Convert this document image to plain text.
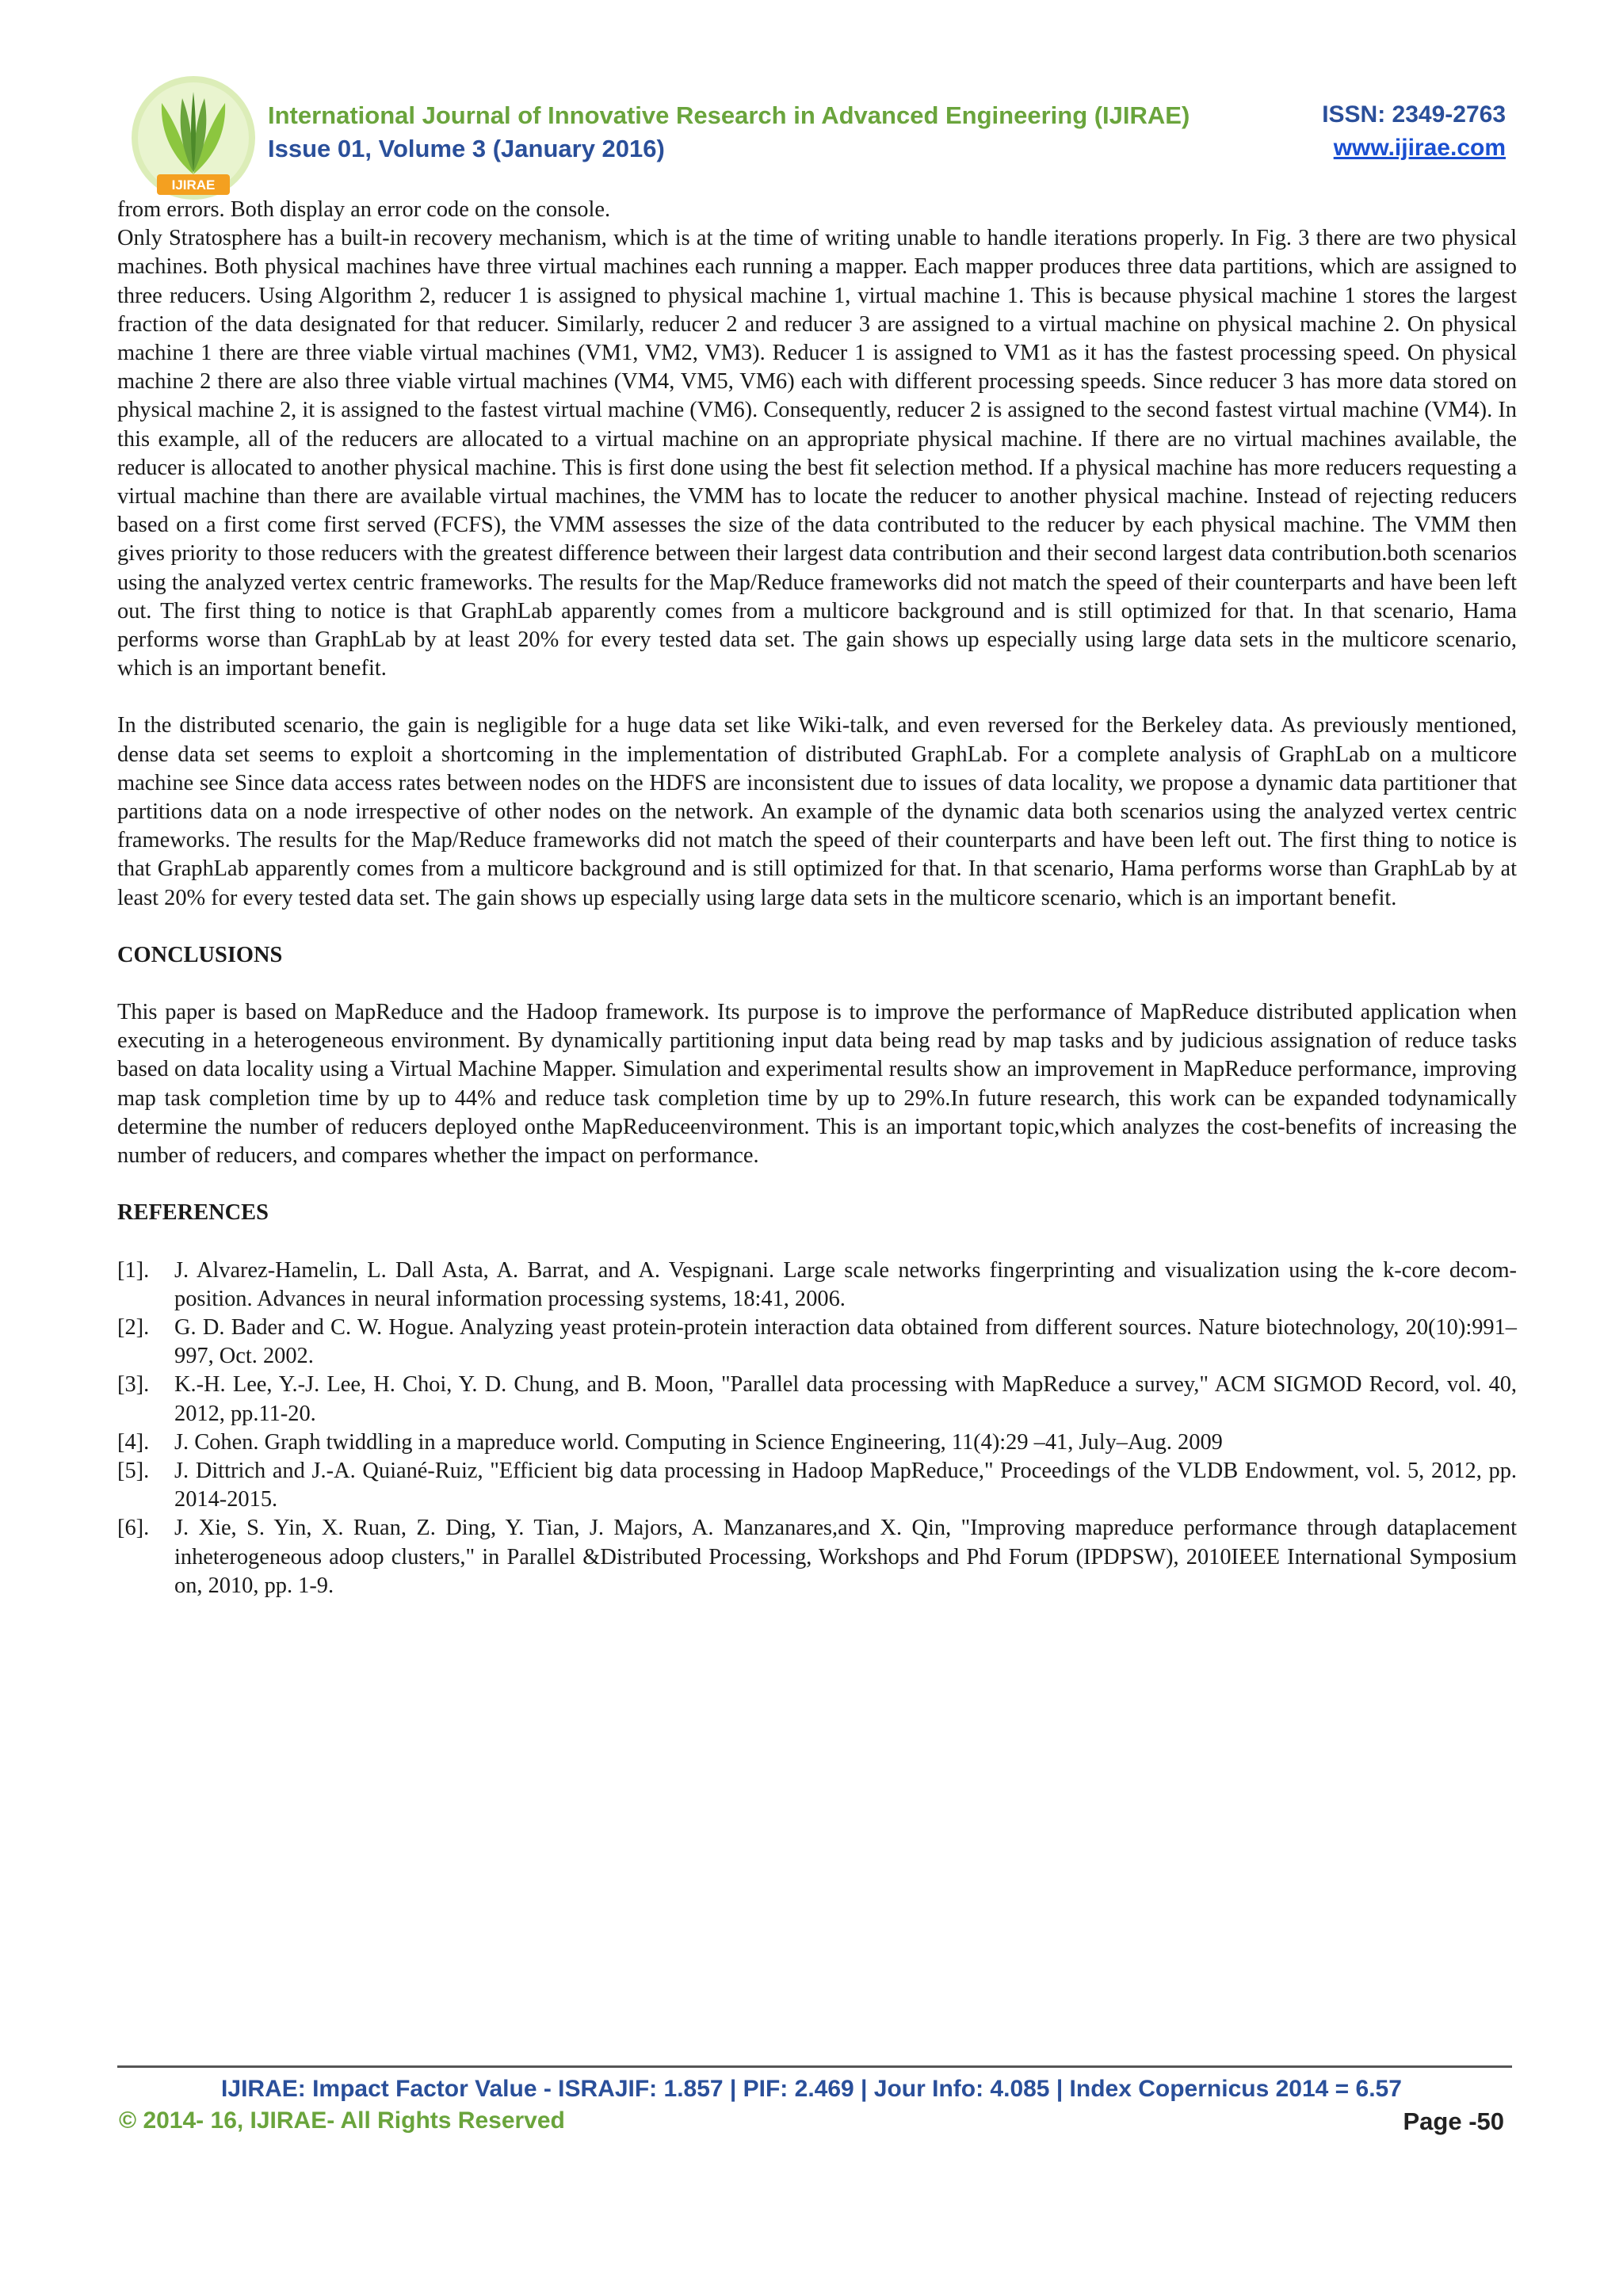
IJIRAE
International Journal of Innovative Research in Advanced Engineering (IJIRAE)
Issue 01, Volume 3 (January 2016)
ISSN: 2349-2763
www.ijirae.com

from errors. Both display an error code on the console.

Only Stratosphere has a built-in recovery mechanism, which is at the time of writing unable to handle iterations properly. In Fig. 3 there are two physical machines. Both physical machines have three virtual machines each running a mapper. Each mapper produces three data partitions, which are assigned to three reducers. Using Algorithm 2, reducer 1 is assigned to physical machine 1, virtual machine 1. This is because physical machine 1 stores the largest fraction of the data designated for that reducer. Similarly, reducer 2 and reducer 3 are assigned to a virtual machine on physical machine 2. On physical machine 1 there are three viable virtual machines (VM1, VM2, VM3). Reducer 1 is assigned to VM1 as it has the fastest processing speed. On physical machine 2 there are also three viable virtual machines (VM4, VM5, VM6) each with different processing speeds. Since reducer 3 has more data stored on physical machine 2, it is assigned to the fastest virtual machine (VM6). Consequently, reducer 2 is assigned to the second fastest virtual machine (VM4). In this example, all of the reducers are allocated to a virtual machine on an appropriate physical machine. If there are no virtual machines available, the reducer is allocated to another physical machine. This is first done using the best fit selection method. If a physical machine has more reducers requesting a virtual machine than there are available virtual machines, the VMM has to locate the reducer to another physical machine. Instead of rejecting reducers based on a first come first served (FCFS), the VMM assesses the size of the data contributed to the reducer by each physical machine. The VMM then gives priority to those reducers with the greatest difference between their largest data contribution and their second largest data contribution.both scenarios using the analyzed vertex centric frameworks. The results for the Map/Reduce frameworks did not match the speed of their counterparts and have been left out. The first thing to notice is that GraphLab apparently comes from a multicore background and is still optimized for that. In that scenario, Hama performs worse than GraphLab by at least 20% for every tested data set. The gain shows up especially using large data sets in the multicore scenario, which is an important benefit.

In the distributed scenario, the gain is negligible for a huge data set like Wiki-talk, and even reversed for the Berkeley data. As previously mentioned, dense data set seems to exploit a shortcoming in the implementation of distributed GraphLab. For a complete analysis of GraphLab on a multicore machine see Since data access rates between nodes on the HDFS are inconsistent due to issues of data locality, we propose a dynamic data partitioner that partitions data on a node irrespective of other nodes on the network. An example of the dynamic data both scenarios using the analyzed vertex centric frameworks. The results for the Map/Reduce frameworks did not match the speed of their counterparts and have been left out. The first thing to notice is that GraphLab apparently comes from a multicore background and is still optimized for that. In that scenario, Hama performs worse than GraphLab by at least 20% for every tested data set. The gain shows up especially using large data sets in the multicore scenario, which is an important benefit.

CONCLUSIONS

This paper is based on MapReduce and the Hadoop framework. Its purpose is to improve the performance of MapReduce distributed application when executing in a heterogeneous environment. By dynamically partitioning input data being read by map tasks and by judicious assignation of reduce tasks based on data locality using a Virtual Machine Mapper. Simulation and experimental results show an improvement in MapReduce performance, improving map task completion time by up to 44% and reduce task completion time by up to 29%.In future research, this work can be expanded todynamically determine the number of reducers deployed onthe MapReduceenvironment. This is an important topic,which analyzes the cost-benefits of increasing the number of reducers, and compares whether the impact on performance.

REFERENCES
[1]. J. Alvarez-Hamelin, L. Dall Asta, A. Barrat, and A. Vespignani. Large scale networks fingerprinting and visualization using the k-core decom-position. Advances in neural information processing systems, 18:41, 2006.
[2]. G. D. Bader and C. W. Hogue. Analyzing yeast protein-protein interaction data obtained from different sources. Nature biotechnology, 20(10):991–997, Oct. 2002.
[3]. K.-H. Lee, Y.-J. Lee, H. Choi, Y. D. Chung, and B. Moon, "Parallel data processing with MapReduce a survey," ACM SIGMOD Record, vol. 40, 2012, pp.11-20.
[4]. J. Cohen. Graph twiddling in a mapreduce world. Computing in Science Engineering, 11(4):29 –41, July–Aug. 2009
[5]. J. Dittrich and J.-A. Quiané-Ruiz, "Efficient big data processing in Hadoop MapReduce," Proceedings of the VLDB Endowment, vol. 5, 2012, pp. 2014-2015.
[6]. J. Xie, S. Yin, X. Ruan, Z. Ding, Y. Tian, J. Majors, A. Manzanares,and X. Qin, "Improving mapreduce performance through dataplacement inheterogeneous adoop clusters," in Parallel &Distributed Processing, Workshops and Phd Forum (IPDPSW), 2010IEEE International Symposium on, 2010, pp. 1-9.
IJIRAE: Impact Factor Value - ISRAJIF: 1.857 | PIF: 2.469 | Jour Info: 4.085 | Index Copernicus 2014 = 6.57
© 2014- 16, IJIRAE- All Rights Reserved	Page -50
